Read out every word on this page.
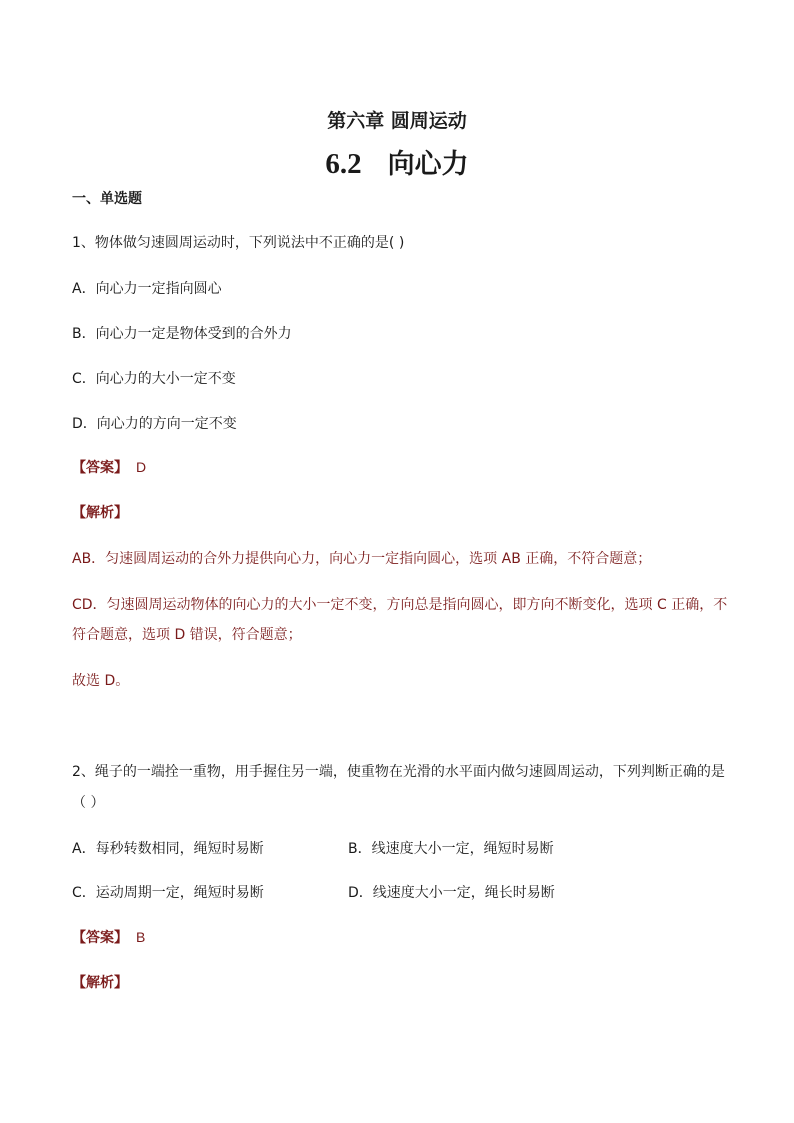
第六章 圆周运动
6.2 向心力
一、单选题
1、物体做匀速圆周运动时，下列说法中不正确的是( )
A．向心力一定指向圆心
B．向心力一定是物体受到的合外力
C．向心力的大小一定不变
D．向心力的方向一定不变
【答案】 D
【解析】
AB．匀速圆周运动的合外力提供向心力，向心力一定指向圆心，选项 AB 正确，不符合题意；
CD．匀速圆周运动物体的向心力的大小一定不变，方向总是指向圆心，即方向不断变化，选项 C 正确，不
符合题意，选项 D 错误，符合题意；
故选 D。
2、绳子的一端拴一重物，用手握住另一端，使重物在光滑的水平面内做匀速圆周运动，下列判断正确的是
（ ）
A．每秒转数相同，绳短时易断	B．线速度大小一定，绳短时易断
C．运动周期一定，绳短时易断	D．线速度大小一定，绳长时易断
【答案】 B
【解析】
